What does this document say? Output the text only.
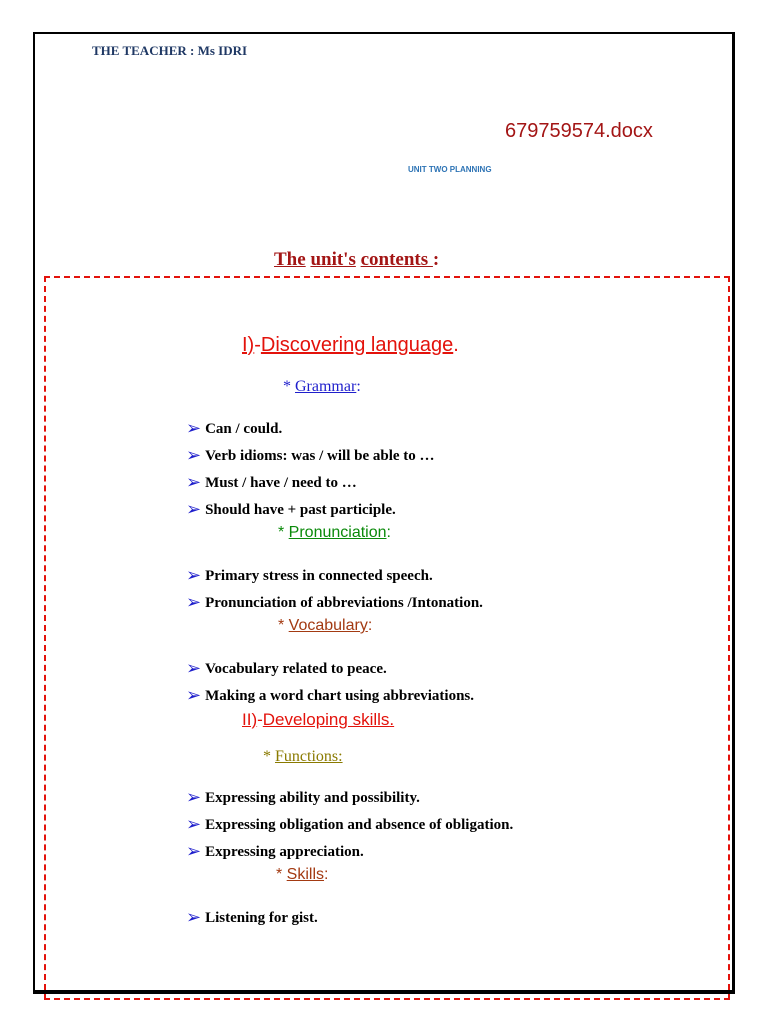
THE TEACHER : Ms IDRI
679759574.docx
UNIT TWO PLANNING
The unit's contents :
I)-Discovering language.
* Grammar:
➢ Can / could.
➢ Verb idioms: was / will be able to …
➢ Must / have / need to …
➢ Should have + past participle.
* Pronunciation:
➢ Primary stress in connected speech.
➢ Pronunciation of abbreviations /Intonation.
* Vocabulary:
➢ Vocabulary related to peace.
➢ Making a word chart using abbreviations.
II)-Developing skills.
* Functions:
➢ Expressing ability and possibility.
➢ Expressing obligation and absence of obligation.
➢ Expressing appreciation.
* Skills:
➢ Listening for gist.
